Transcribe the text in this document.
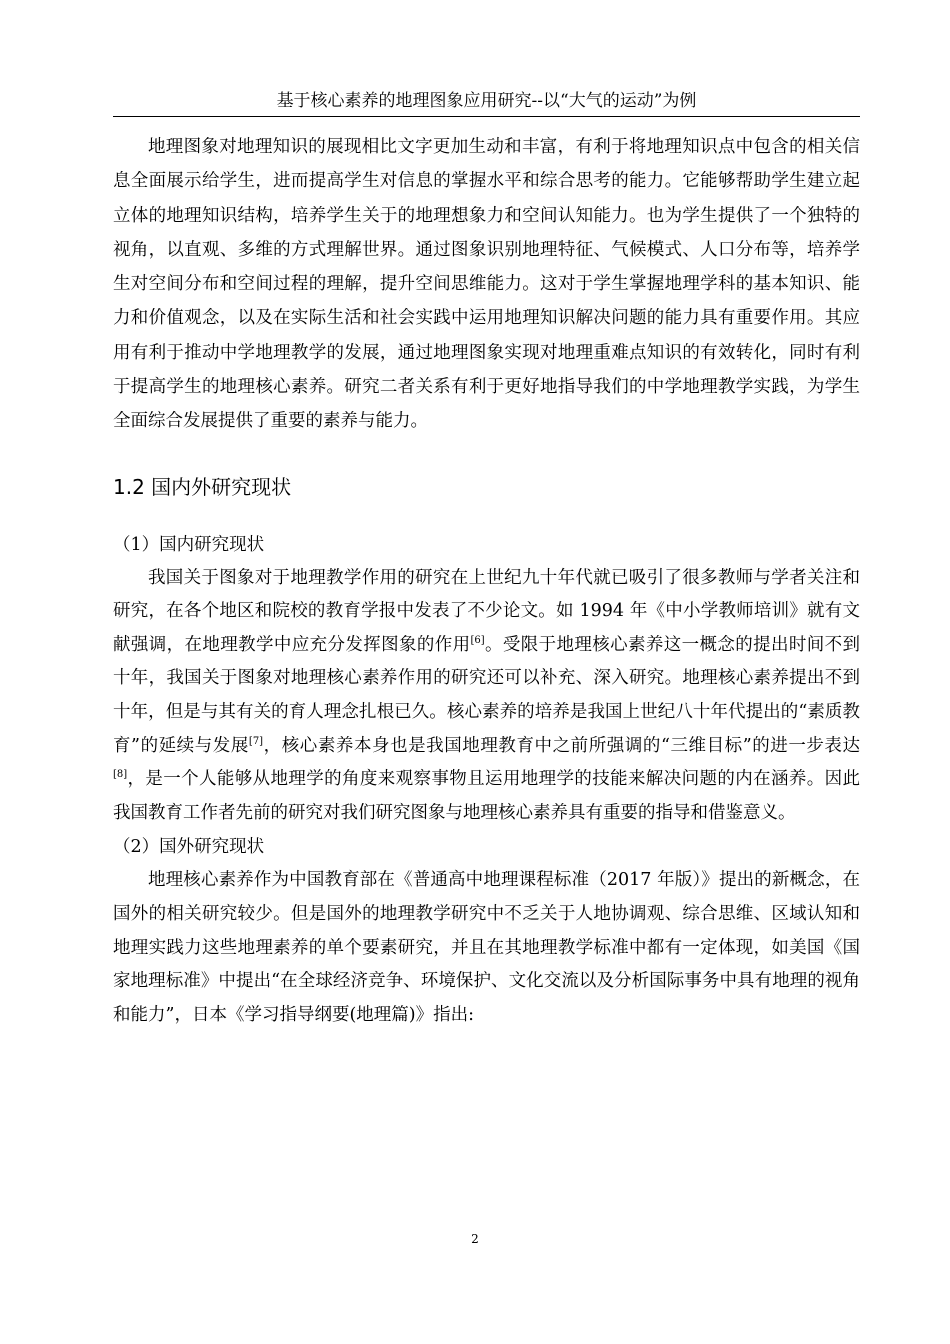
基于核心素养的地理图象应用研究--以“大气的运动”为例

地理图象对地理知识的展现相比文字更加生动和丰富，有利于将地理知识点中包含的相关信息全面展示给学生，进而提高学生对信息的掌握水平和综合思考的能力。它能够帮助学生建立起立体的地理知识结构，培养学生关于的地理想象力和空间认知能力。也为学生提供了一个独特的视角，以直观、多维的方式理解世界。通过图象识别地理特征、气候模式、人口分布等，培养学生对空间分布和空间过程的理解，提升空间思维能力。这对于学生掌握地理学科的基本知识、能力和价值观念，以及在实际生活和社会实践中运用地理知识解决问题的能力具有重要作用。其应用有利于推动中学地理教学的发展，通过地理图象实现对地理重难点知识的有效转化，同时有利于提高学生的地理核心素养。研究二者关系有利于更好地指导我们的中学地理教学实践，为学生全面综合发展提供了重要的素养与能力。

1.2 国内外研究现状
（1）国内研究现状

我国关于图象对于地理教学作用的研究在上世纪九十年代就已吸引了很多教师与学者关注和研究，在各个地区和院校的教育学报中发表了不少论文。如 1994 年《中小学教师培训》就有文献强调，在地理教学中应充分发挥图象的作用[6]。受限于地理核心素养这一概念的提出时间不到十年，我国关于图象对地理核心素养作用的研究还可以补充、深入研究。地理核心素养提出不到十年，但是与其有关的育人理念扎根已久。核心素养的培养是我国上世纪八十年代提出的“素质教育”的延续与发展[7]，核心素养本身也是我国地理教育中之前所强调的“三维目标”的进一步表达[8]，是一个人能够从地理学的角度来观察事物且运用地理学的技能来解决问题的内在涵养。因此我国教育工作者先前的研究对我们研究图象与地理核心素养具有重要的指导和借鉴意义。

（2）国外研究现状

地理核心素养作为中国教育部在《普通高中地理课程标准（2017 年版）》提出的新概念，在国外的相关研究较少。但是国外的地理教学研究中不乏关于人地协调观、综合思维、区域认知和地理实践力这些地理素养的单个要素研究，并且在其地理教学标准中都有一定体现，如美国《国家地理标准》中提出“在全球经济竞争、环境保护、文化交流以及分析国际事务中具有地理的视角和能力”，日本《学习指导纲要(地理篇)》指出:

2
